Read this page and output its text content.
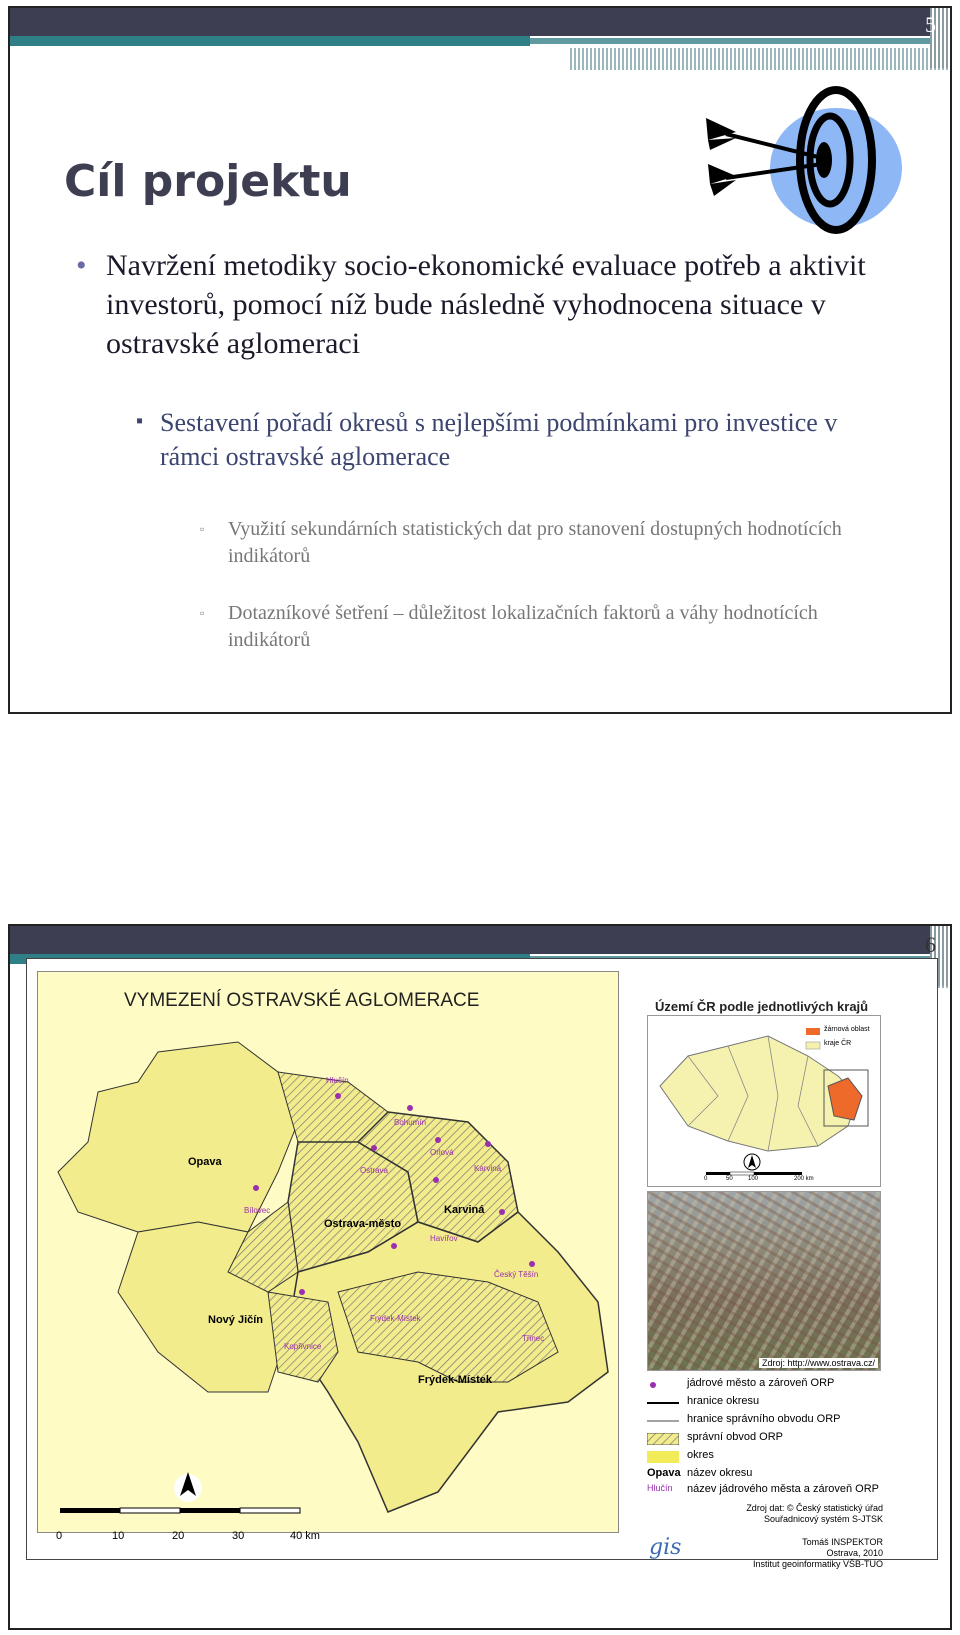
5
Cíl projektu
• Navržení metodiky socio-ekonomické evaluace potřeb a aktivit investorů, pomocí níž bude následně vyhodnocena situace v ostravské aglomeraci
▪ Sestavení pořadí okresů s nejlepšími podmínkami pro investice v rámci ostravské aglomerace
▫ Využití sekundárních statistických dat pro stanovení dostupných hodnotících indikátorů
▫ Dotazníkové šetření – důležitost lokalizačních faktorů a váhy hodnotících indikátorů
6
VYMEZENÍ OSTRAVSKÉ AGLOMERACE
Opava
Ostrava-město
Karviná
Nový Jičín
Frýdek-Místek
Hlučín
Bohumín
Orlová
Karviná
Ostrava
Havířov
Bílovec
Český Těšín
Frýdek-Místek
Třinec
Kopřivnice
0	10	20	30	40 km
Území ČR podle jednotlivých krajů
žárnová oblast
kraje ČR
0	50	100	200 km
Zdroj: http://www.ostrava.cz/
jádrové město a zároveň ORP
hranice okresu
hranice správního obvodu ORP
správní obvod ORP
okres
Opava název okresu
Hlučín název jádrového města a zároveň ORP
Zdroj dat: © Český statistický úřad
Souřadnicový systém S-JTSK
gis	Tomáš INSPEKTOR
Ostrava, 2010
Institut geoinformatiky VŠB-TUO
